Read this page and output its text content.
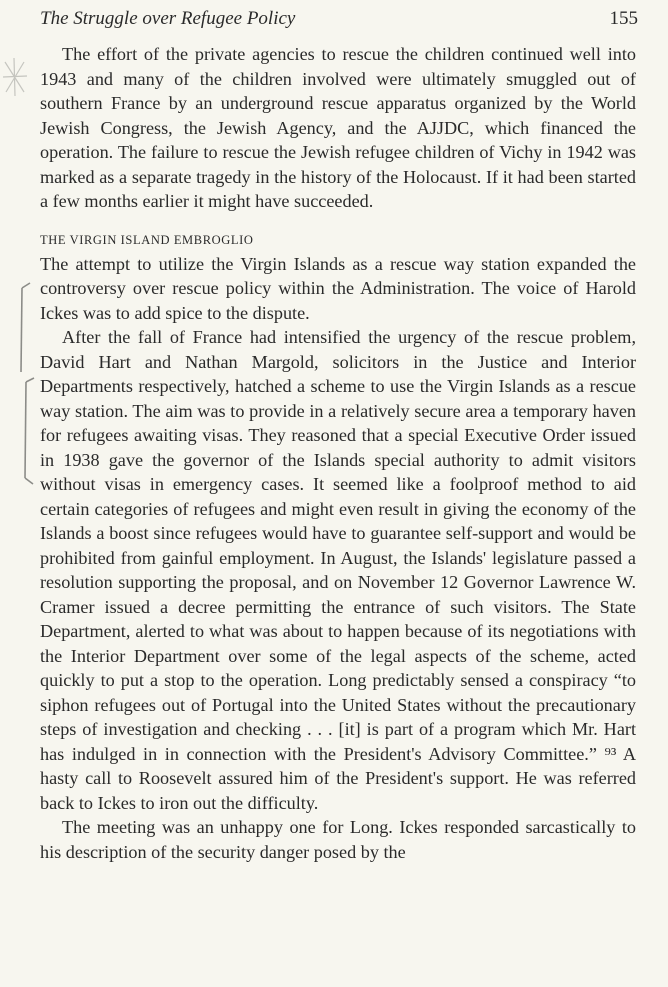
The Struggle over Refugee Policy	155

The effort of the private agencies to rescue the children continued well into 1943 and many of the children involved were ultimately smuggled out of southern France by an underground rescue apparatus organized by the World Jewish Congress, the Jewish Agency, and the AJJDC, which financed the operation. The failure to rescue the Jewish refugee children of Vichy in 1942 was marked as a separate tragedy in the history of the Holocaust. If it had been started a few months earlier it might have succeeded.

THE VIRGIN ISLAND EMBROGLIO

The attempt to utilize the Virgin Islands as a rescue way station expanded the controversy over rescue policy within the Administration. The voice of Harold Ickes was to add spice to the dispute.

After the fall of France had intensified the urgency of the rescue problem, David Hart and Nathan Margold, solicitors in the Justice and Interior Departments respectively, hatched a scheme to use the Virgin Islands as a rescue way station. The aim was to provide in a relatively secure area a temporary haven for refugees awaiting visas. They reasoned that a special Executive Order issued in 1938 gave the governor of the Islands special authority to admit visitors without visas in emergency cases. It seemed like a foolproof method to aid certain categories of refugees and might even result in giving the economy of the Islands a boost since refugees would have to guarantee self-support and would be prohibited from gainful employment. In August, the Islands' legislature passed a resolution supporting the proposal, and on November 12 Governor Lawrence W. Cramer issued a decree permitting the entrance of such visitors. The State Department, alerted to what was about to happen because of its negotiations with the Interior Department over some of the legal aspects of the scheme, acted quickly to put a stop to the operation. Long predictably sensed a conspiracy “to siphon refugees out of Portugal into the United States without the precautionary steps of investigation and checking . . . [it] is part of a program which Mr. Hart has indulged in in connection with the President's Advisory Committee.” ⁹³ A hasty call to Roosevelt assured him of the President's support. He was referred back to Ickes to iron out the difficulty.

The meeting was an unhappy one for Long. Ickes responded sarcastically to his description of the security danger posed by the
